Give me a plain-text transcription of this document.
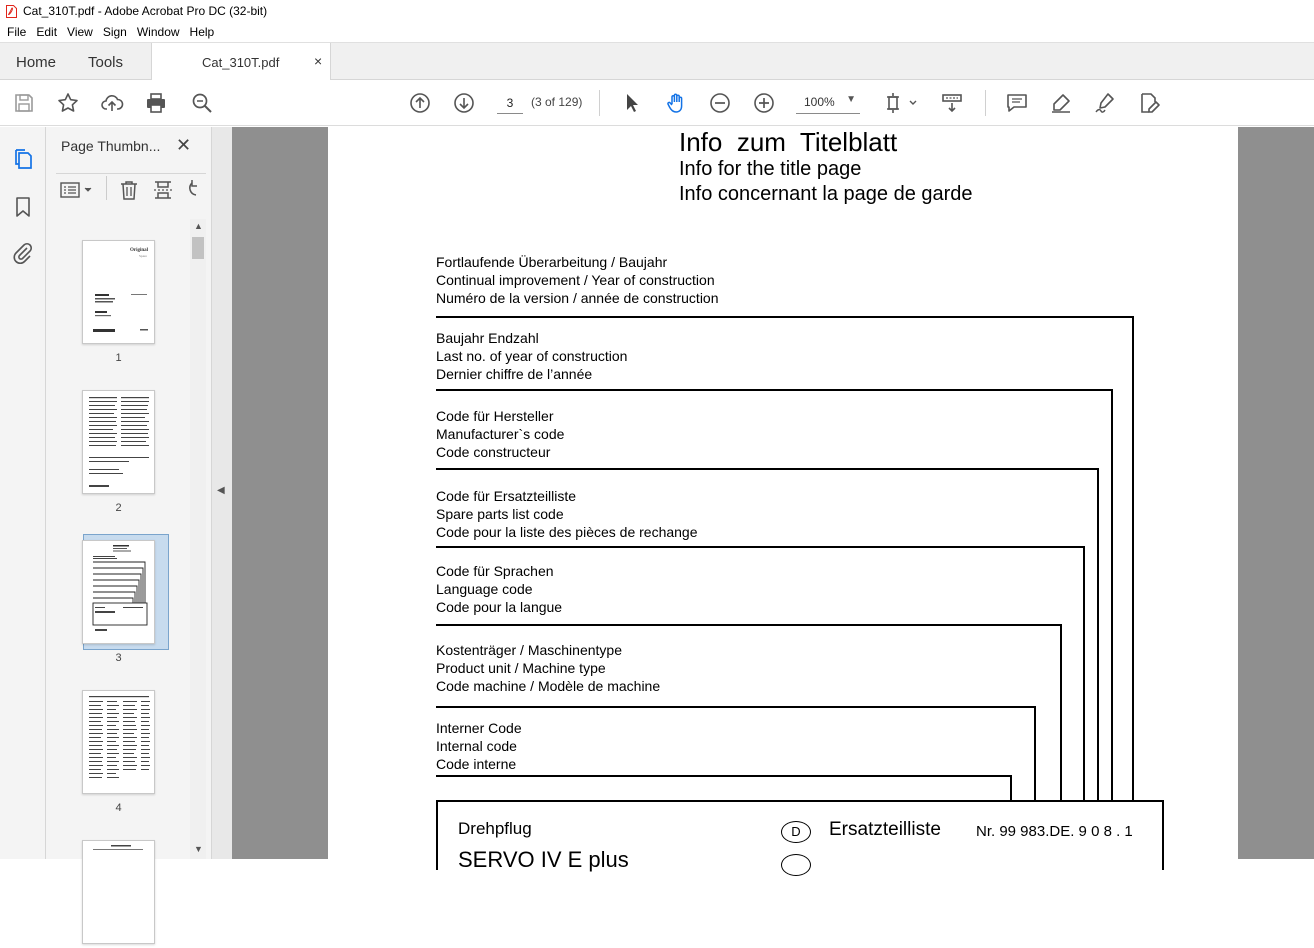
Cat_310T.pdf - Adobe Acrobat Pro DC (32-bit)
File Edit View Sign Window Help
Home Tools	Cat_310T.pdf ×
3
(3 of 129)	100% ▼
Page Thumbn... ✕
Original
Spare
1
2
3
4
▲
▼
◀
Info  zum  Titelblatt
Info for the title page
Info concernant la page de garde
Fortlaufende Überarbeitung / Baujahr
Continual improvement / Year of construction
Numéro de la version / année de construction
Baujahr Endzahl
Last no. of year of construction
Dernier chiffre de l’année
Code für Hersteller
Manufacturer`s code
Code constructeur
Code für Ersatzteilliste
Spare parts list code
Code pour la liste des pièces de rechange
Code für Sprachen
Language code
Code pour la langue
Kostenträger / Maschinentype
Product unit / Machine type
Code machine / Modèle de machine
Interner Code
Internal code
Code interne
Drehpflug
SERVO IV E plus
D	Ersatzteilliste Nr. 99 983.DE. 9 0 8 . 1
